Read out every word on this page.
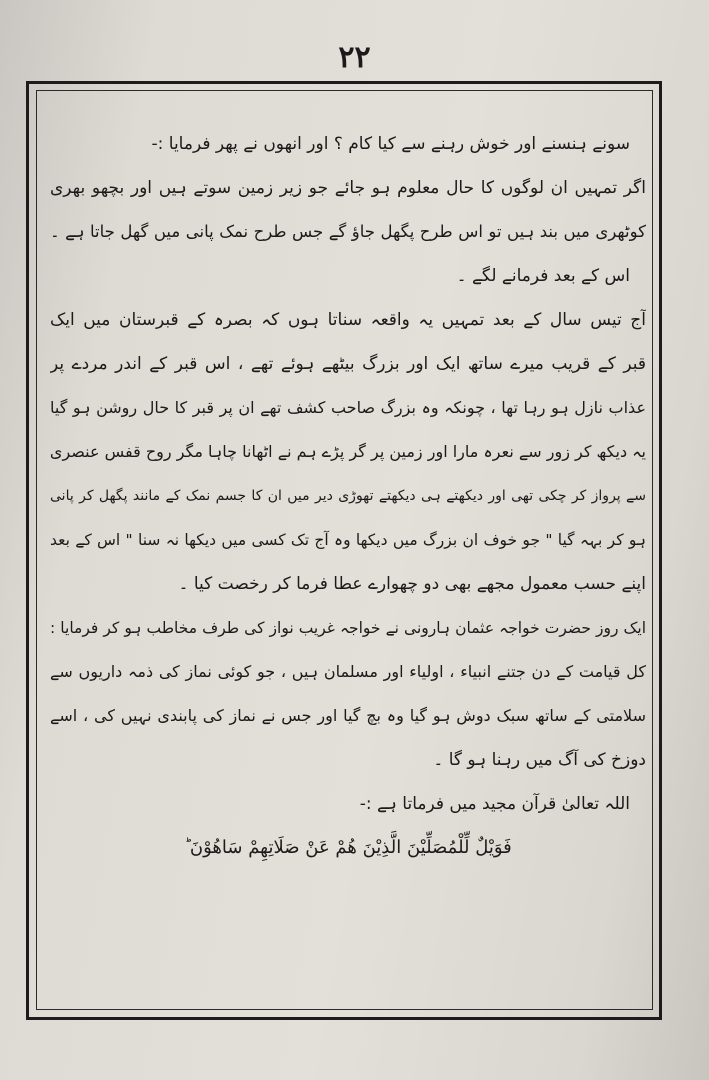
۲۲
سونے ہنسنے اور خوش رہنے سے کیا کام ؟ اور انھوں نے پھر فرمایا :-
اگر تمہیں ان لوگوں کا حال معلوم ہو جائے جو زیر زمین سوتے ہیں اور بچھو بھری
کوٹھری میں بند ہیں تو اس طرح پگھل جاؤ گے جس طرح نمک پانی میں گھل جاتا ہے ۔
اس کے بعد فرمانے لگے ۔
آج تیس سال کے بعد تمہیں یہ واقعہ سناتا ہوں کہ بصرہ کے قبرستان میں ایک
قبر کے قریب میرے ساتھ ایک اور بزرگ بیٹھے ہوئے تھے ، اس قبر کے اندر مردے پر
عذاب نازل ہو رہا تھا ، چونکہ وہ بزرگ صاحب کشف تھے ان پر قبر کا حال روشن ہو گیا
یہ دیکھ کر زور سے نعرہ مارا اور زمین پر گر پڑے ہم نے اٹھانا چاہا مگر روح قفس عنصری
سے پرواز کر چکی تھی اور دیکھتے ہی دیکھتے تھوڑی دیر میں ان کا جسم نمک کے مانند پگھل کر پانی
ہو کر بہہ گیا " جو خوف ان بزرگ میں دیکھا وہ آج تک کسی میں دیکھا نہ سنا " اس کے بعد
اپنے حسب معمول مجھے بھی دو چھوارے عطا فرما کر رخصت کیا ۔
ایک روز حضرت خواجہ عثمان ہارونی نے خواجہ غریب نواز کی طرف مخاطب ہو کر فرمایا :
کل قیامت کے دن جتنے انبیاء ، اولیاء اور مسلمان ہیں ، جو کوئی نماز کی ذمہ داریوں سے
سلامتی کے ساتھ سبک دوش ہو گیا وہ بچ گیا اور جس نے نماز کی پابندی نہیں کی ، اسے
دوزخ کی آگ میں رہنا ہو گا ۔
اللہ تعالیٰ قرآن مجید میں فرماتا ہے :-
فَوَيْلٌ لِّلْمُصَلِّيْنَ الَّذِيْنَ هُمْ عَنْ صَلَاتِهِمْ سَاهُوْنَ ؕ
